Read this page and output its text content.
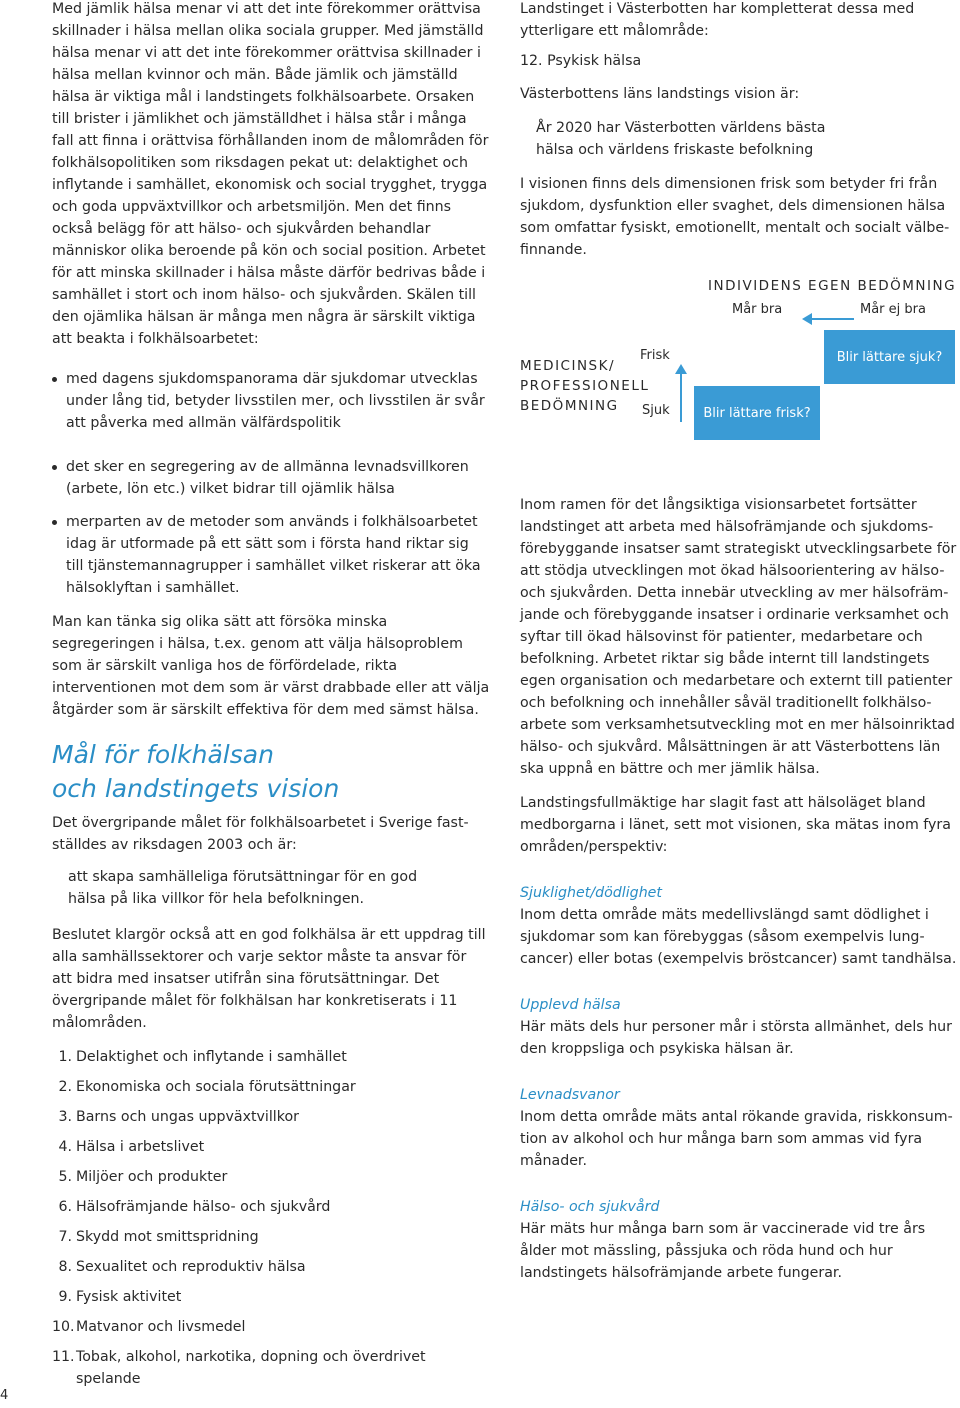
Med jämlik hälsa menar vi att det inte förekommer orättvisa skillnader i hälsa mellan olika sociala grupper. Med jämställd hälsa menar vi att det inte förekommer orättvisa skillnader i hälsa mellan kvinnor och män. Både jämlik och jämställd hälsa är viktiga mål i landstingets folkhälsoarbete. Orsaken till brister i jämlikhet och jämställdhet i hälsa står i många fall att finna i orättvisa förhållanden inom de målområden för folkhälsopolitiken som riksdagen pekat ut: delaktighet och inflytande i samhället, ekonomisk och social trygghet, trygga och goda uppväxtvillkor och arbetsmiljön. Men det finns också belägg för att hälso- och sjukvården behandlar människor olika beroende på kön och social position. Arbetet för att minska skillnader i hälsa måste därför bedrivas både i samhället i stort och inom hälso- och sjukvården. Skälen till den ojämlika hälsan är många men några är särskilt viktiga att beakta i folkhälsoarbetet:

med dagens sjukdomspanorama där sjukdomar utvecklas under lång tid, betyder livsstilen mer, och livsstilen är svår att påverka med allmän välfärdspolitik
det sker en segregering av de allmänna levnadsvillkoren (arbete, lön etc.) vilket bidrar till ojämlik hälsa
merparten av de metoder som används i folkhälsoarbetet idag är utformade på ett sätt som i första hand riktar sig till tjänstemannagrupper i samhället vilket riskerar att öka hälsoklyftan i samhället.

Man kan tänka sig olika sätt att försöka minska segregeringen i hälsa, t.ex. genom att välja hälsoproblem som är särskilt vanliga hos de förfördelade, rikta interventionen mot dem som är värst drabbade eller att välja åtgärder som är särskilt effektiva för dem med sämst hälsa.

Mål för folkhälsan
och landstingets vision

Det övergripande målet för folkhälsoarbetet i Sverige fastställdes av riksdagen 2003 och är:

att skapa samhälleliga förutsättningar för en god hälsa på lika villkor för hela befolkningen.

Beslutet klargör också att en god folkhälsa är ett uppdrag till alla samhällssektorer och varje sektor måste ta ansvar för att bidra med insatser utifrån sina förutsättningar. Det övergripande målet för folkhälsan har konkretiserats i 11 målområden.

1. Delaktighet och inflytande i samhället
2. Ekonomiska och sociala förutsättningar
3. Barns och ungas uppväxtvillkor
4. Hälsa i arbetslivet
5. Miljöer och produkter
6. Hälsofrämjande hälso- och sjukvård
7. Skydd mot smittspridning
8. Sexualitet och reproduktiv hälsa
9. Fysisk aktivitet
10. Matvanor och livsmedel
11. Tobak, alkohol, narkotika, dopning och överdrivet spelande

Landstinget i Västerbotten har kompletterat dessa med ytterligare ett målområde:

12. Psykisk hälsa

Västerbottens läns landstings vision är:

År 2020 har Västerbotten världens bästa hälsa och världens friskaste befolkning

I visionen finns dels dimensionen frisk som betyder fri från sjukdom, dysfunktion eller svaghet, dels dimensionen hälsa som omfattar fysiskt, emotionellt, mentalt och socialt välbefinnande.

INDIVIDENS EGEN BEDÖMNING
Mår bra	Mår ej bra
MEDICINSK/
PROFESSIONELL
BEDÖMNING
Frisk
Sjuk
Blir lättare sjuk?
Blir lättare frisk?

Inom ramen för det långsiktiga visionsarbetet fortsätter landstinget att arbeta med hälsofrämjande och sjukdomsförebyggande insatser samt strategiskt utvecklingsarbete för att stödja utvecklingen mot ökad hälsoorientering av hälso- och sjukvården. Detta innebär utveckling av mer hälsofrämjande och förebyggande insatser i ordinarie verksamhet och syftar till ökad hälsovinst för patienter, medarbetare och befolkning. Arbetet riktar sig både internt till landstingets egen organisation och medarbetare och externt till patienter och befolkning och innehåller såväl traditionellt folkhälsoarbete som verksamhetsutveckling mot en mer hälsoinriktad hälso- och sjukvård. Målsättningen är att Västerbottens län ska uppnå en bättre och mer jämlik hälsa.

Landstingsfullmäktige har slagit fast att hälsoläget bland medborgarna i länet, sett mot visionen, ska mätas inom fyra områden/perspektiv:

Sjuklighet/dödlighet

Inom detta område mäts medellivslängd samt dödlighet i sjukdomar som kan förebyggas (såsom exempelvis lungcancer) eller botas (exempelvis bröstcancer) samt tandhälsa.

Upplevd hälsa

Här mäts dels hur personer mår i största allmänhet, dels hur den kroppsliga och psykiska hälsan är.

Levnadsvanor

Inom detta område mäts antal rökande gravida, riskkonsumtion av alkohol och hur många barn som ammas vid fyra månader.

Hälso- och sjukvård

Här mäts hur många barn som är vaccinerade vid tre års ålder mot mässling, påssjuka och röda hund och hur landstingets hälsofrämjande arbete fungerar.

4
